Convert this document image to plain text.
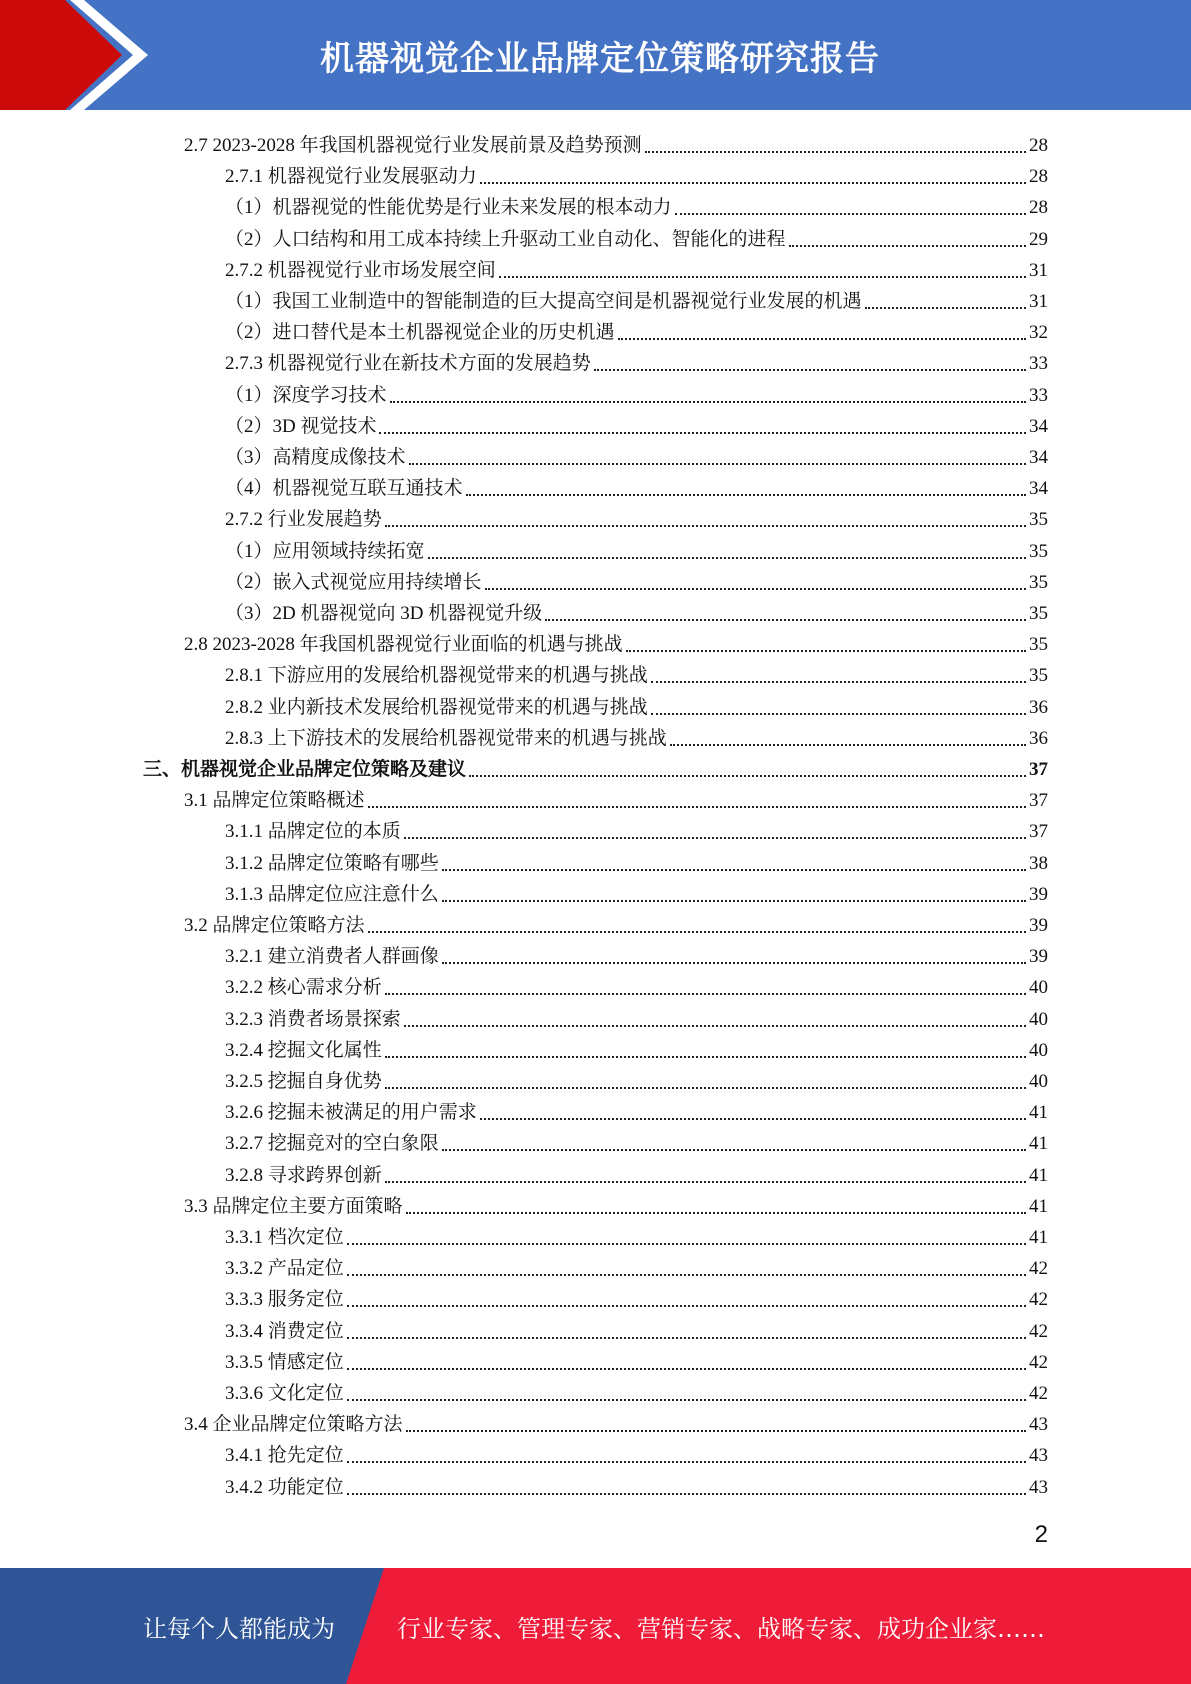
机器视觉企业品牌定位策略研究报告
2.7 2023-2028 年我国机器视觉行业发展前景及趋势预测	28
2.7.1 机器视觉行业发展驱动力	28
（1）机器视觉的性能优势是行业未来发展的根本动力	28
（2）人口结构和用工成本持续上升驱动工业自动化、智能化的进程	29
2.7.2 机器视觉行业市场发展空间	31
（1）我国工业制造中的智能制造的巨大提高空间是机器视觉行业发展的机遇	31
（2）进口替代是本土机器视觉企业的历史机遇	32
2.7.3 机器视觉行业在新技术方面的发展趋势	33
（1）深度学习技术	33
（2）3D 视觉技术	34
（3）高精度成像技术	34
（4）机器视觉互联互通技术	34
2.7.2 行业发展趋势	35
（1）应用领域持续拓宽	35
（2）嵌入式视觉应用持续增长	35
（3）2D 机器视觉向 3D 机器视觉升级	35
2.8 2023-2028 年我国机器视觉行业面临的机遇与挑战	35
2.8.1 下游应用的发展给机器视觉带来的机遇与挑战	35
2.8.2 业内新技术发展给机器视觉带来的机遇与挑战	36
2.8.3 上下游技术的发展给机器视觉带来的机遇与挑战	36
三、机器视觉企业品牌定位策略及建议	37
3.1 品牌定位策略概述	37
3.1.1 品牌定位的本质	37
3.1.2 品牌定位策略有哪些	38
3.1.3 品牌定位应注意什么	39
3.2 品牌定位策略方法	39
3.2.1 建立消费者人群画像	39
3.2.2 核心需求分析	40
3.2.3 消费者场景探索	40
3.2.4 挖掘文化属性	40
3.2.5 挖掘自身优势	40
3.2.6 挖掘未被满足的用户需求	41
3.2.7 挖掘竞对的空白象限	41
3.2.8 寻求跨界创新	41
3.3 品牌定位主要方面策略	41
3.3.1 档次定位	41
3.3.2 产品定位	42
3.3.3 服务定位	42
3.3.4 消费定位	42
3.3.5 情感定位	42
3.3.6 文化定位	42
3.4 企业品牌定位策略方法	43
3.4.1 抢先定位	43
3.4.2 功能定位	43
2
让每个人都能成为	行业专家、管理专家、营销专家、战略专家、成功企业家……
